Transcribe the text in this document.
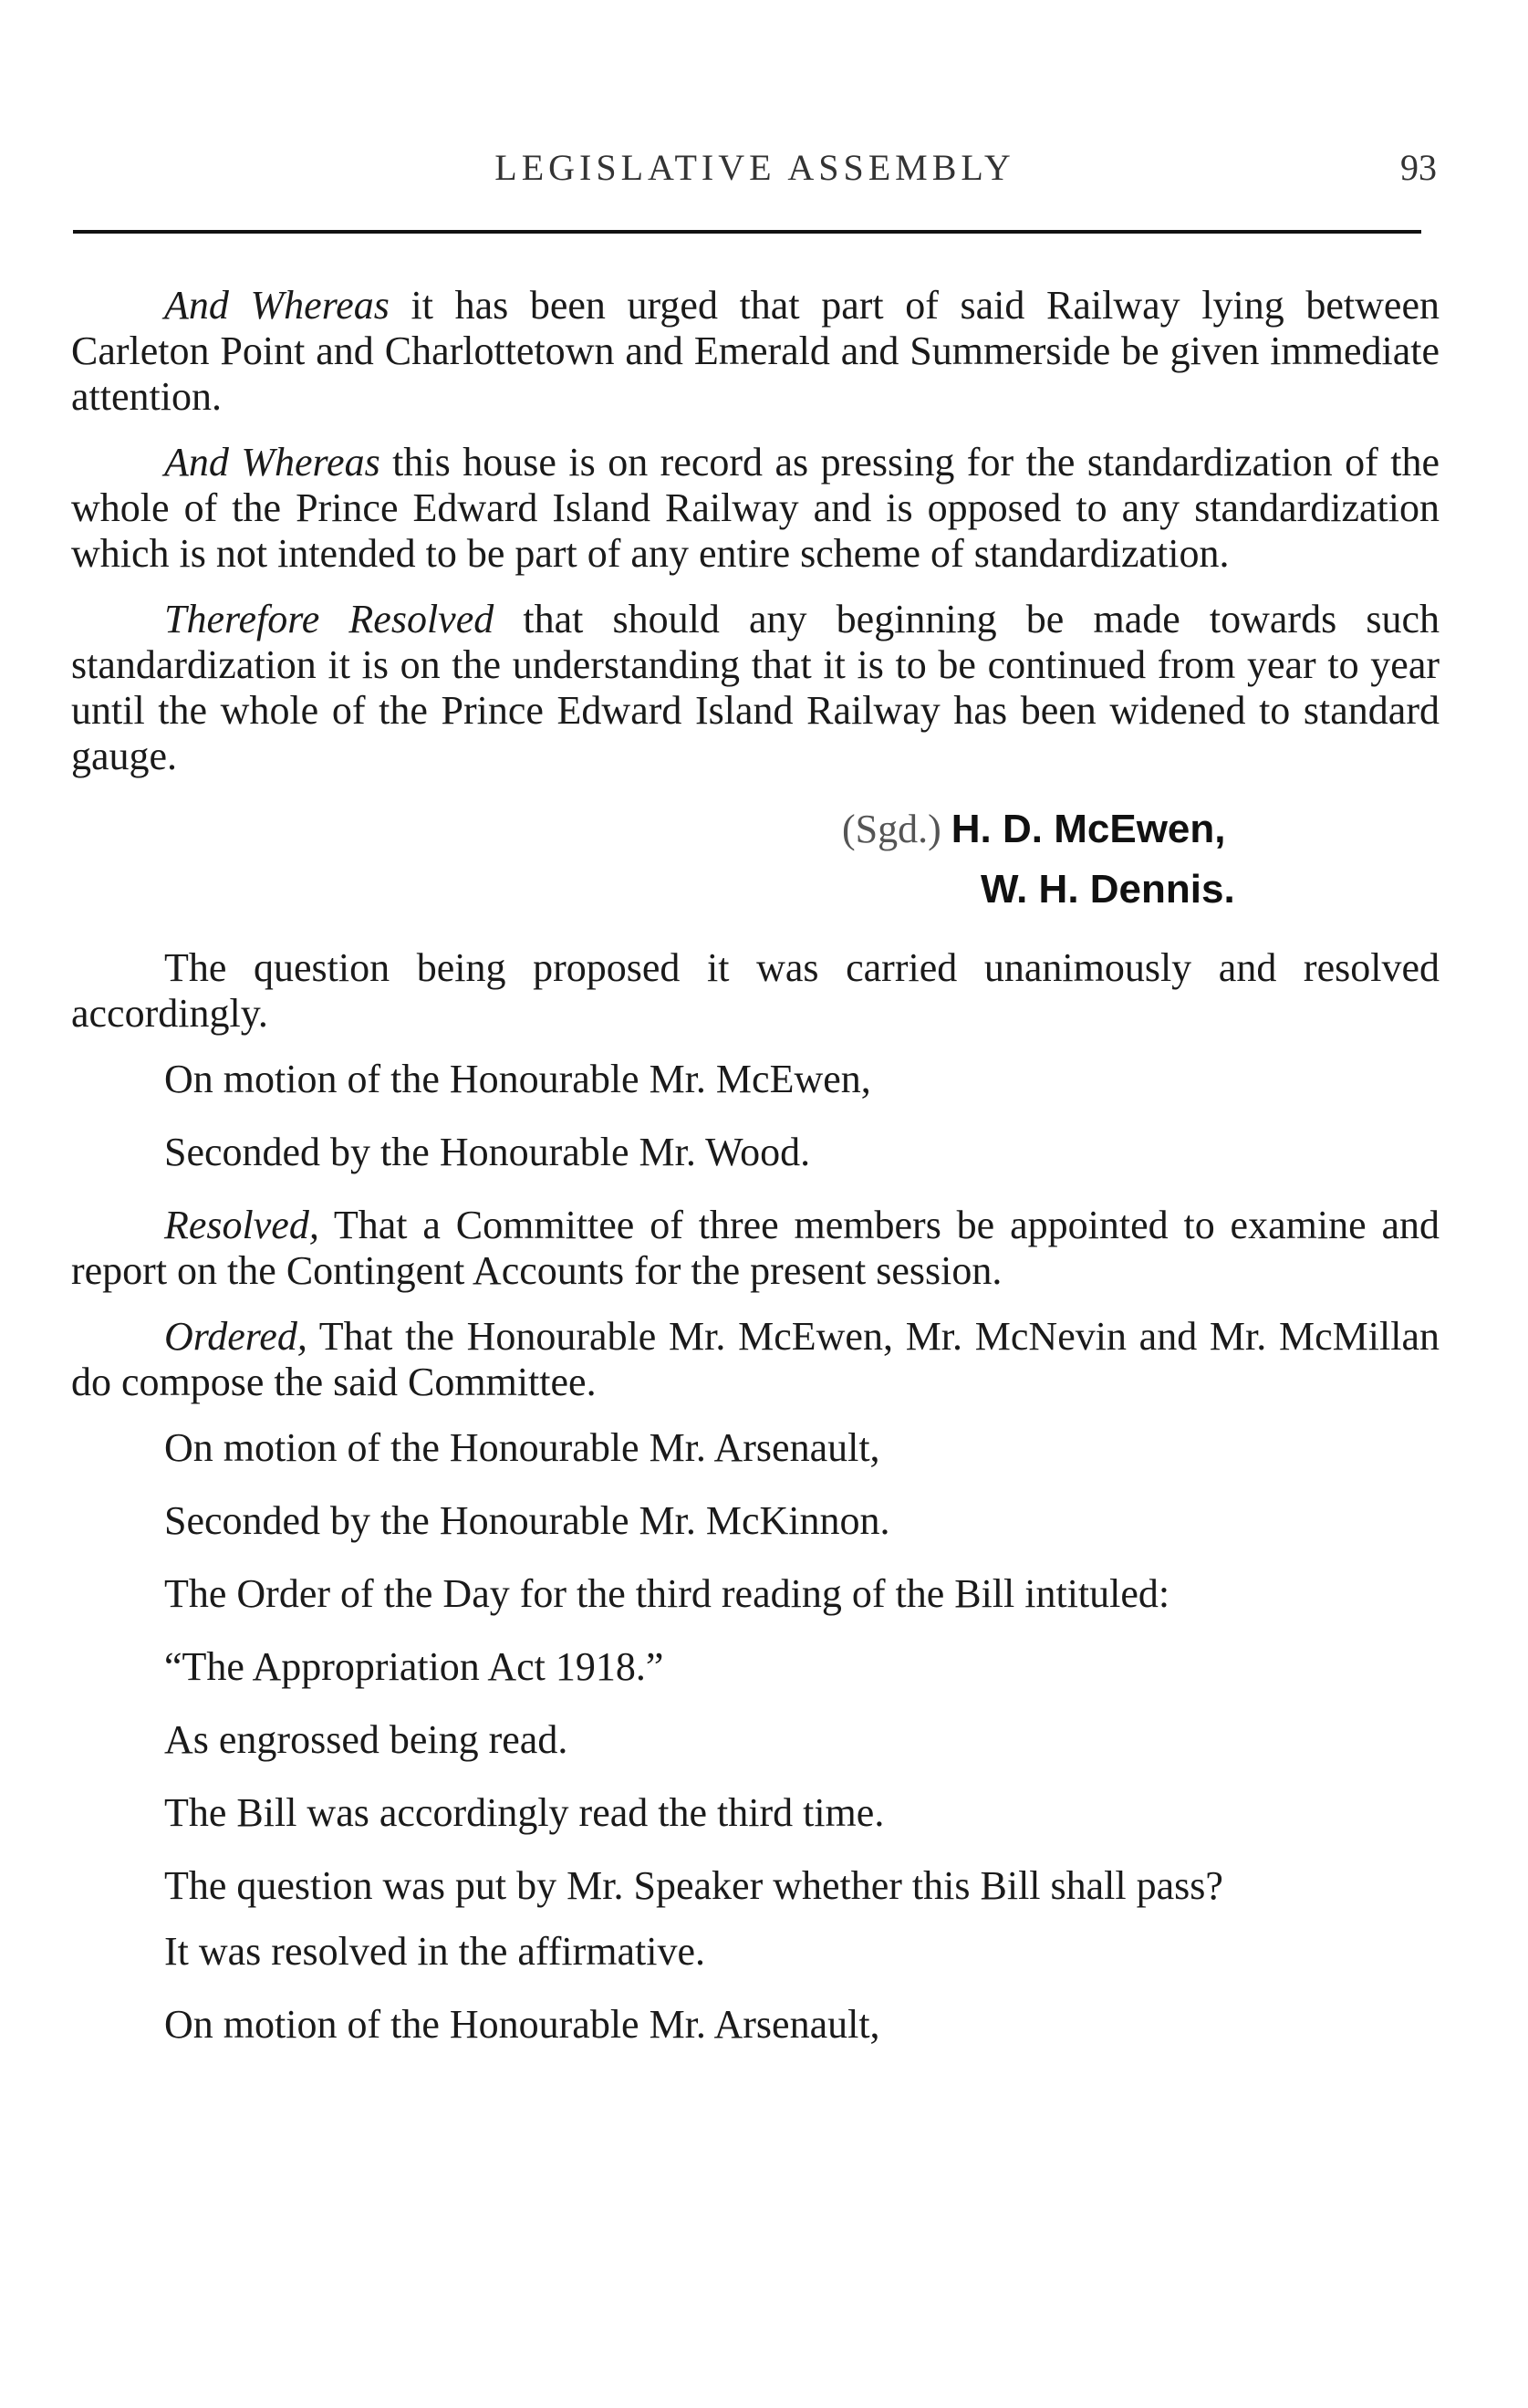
LEGISLATIVE ASSEMBLY	93

And Whereas it has been urged that part of said Railway lying between Carleton Point and Charlottetown and Emerald and Summerside be given immediate attention.

And Whereas this house is on record as pressing for the standardization of the whole of the Prince Edward Island Railway and is opposed to any standardization which is not intended to be part of any entire scheme of standardization.

Therefore Resolved that should any beginning be made towards such standardization it is on the understanding that it is to be continued from year to year until the whole of the Prince Edward Island Railway has been widened to standard gauge.

(Sgd.) H. D. McEwen,
W. H. Dennis.

The question being proposed it was carried unanimously and resolved accordingly.

On motion of the Honourable Mr. McEwen,

Seconded by the Honourable Mr. Wood.

Resolved, That a Committee of three members be appointed to examine and report on the Contingent Accounts for the present session.

Ordered, That the Honourable Mr. McEwen, Mr. McNevin and Mr. McMillan do compose the said Committee.

On motion of the Honourable Mr. Arsenault,

Seconded by the Honourable Mr. McKinnon.

The Order of the Day for the third reading of the Bill intituled:

“The Appropriation Act 1918.”

As engrossed being read.

The Bill was accordingly read the third time.

The question was put by Mr. Speaker whether this Bill shall pass?

It was resolved in the affirmative.

On motion of the Honourable Mr. Arsenault,
